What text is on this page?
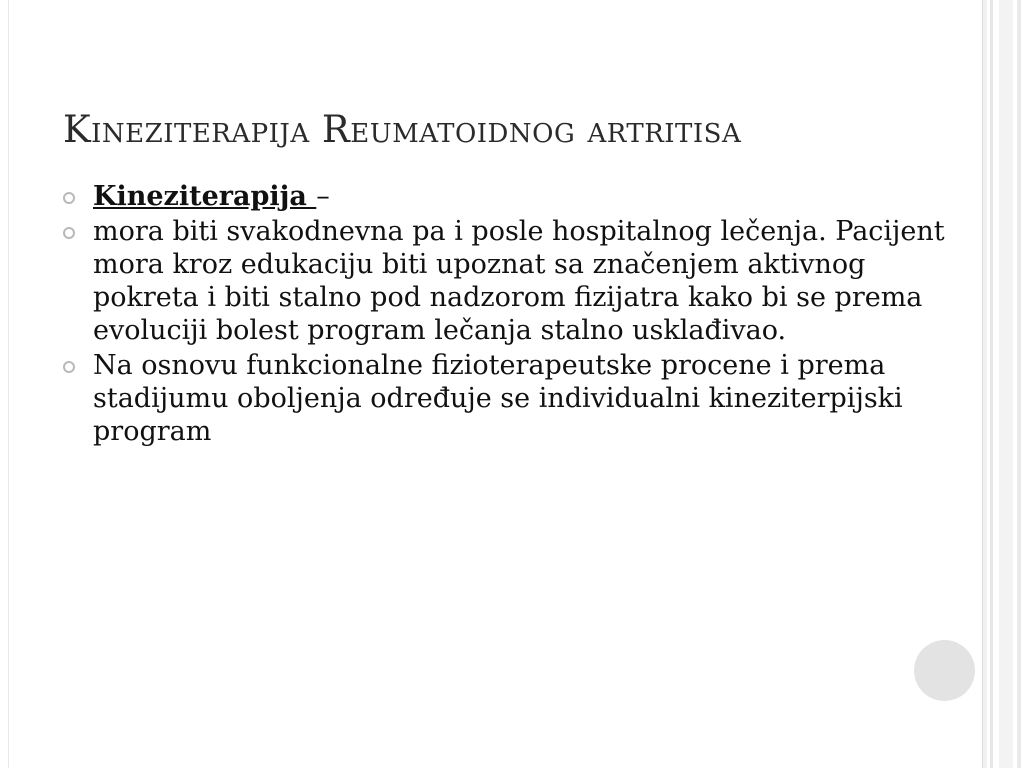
Kineziterapija Reumatoidnog artritisa
Kineziterapija –
mora biti svakodnevna pa i posle hospitalnog lečenja. Pacijent mora kroz edukaciju biti upoznat sa značenjem aktivnog pokreta i biti stalno pod nadzorom fizijatra kako bi se prema evoluciji bolest program lečanja stalno usklađivao.
Na osnovu funkcionalne fizioterapeutske procene i prema stadijumu oboljenja određuje se individualni kineziterpijski program
